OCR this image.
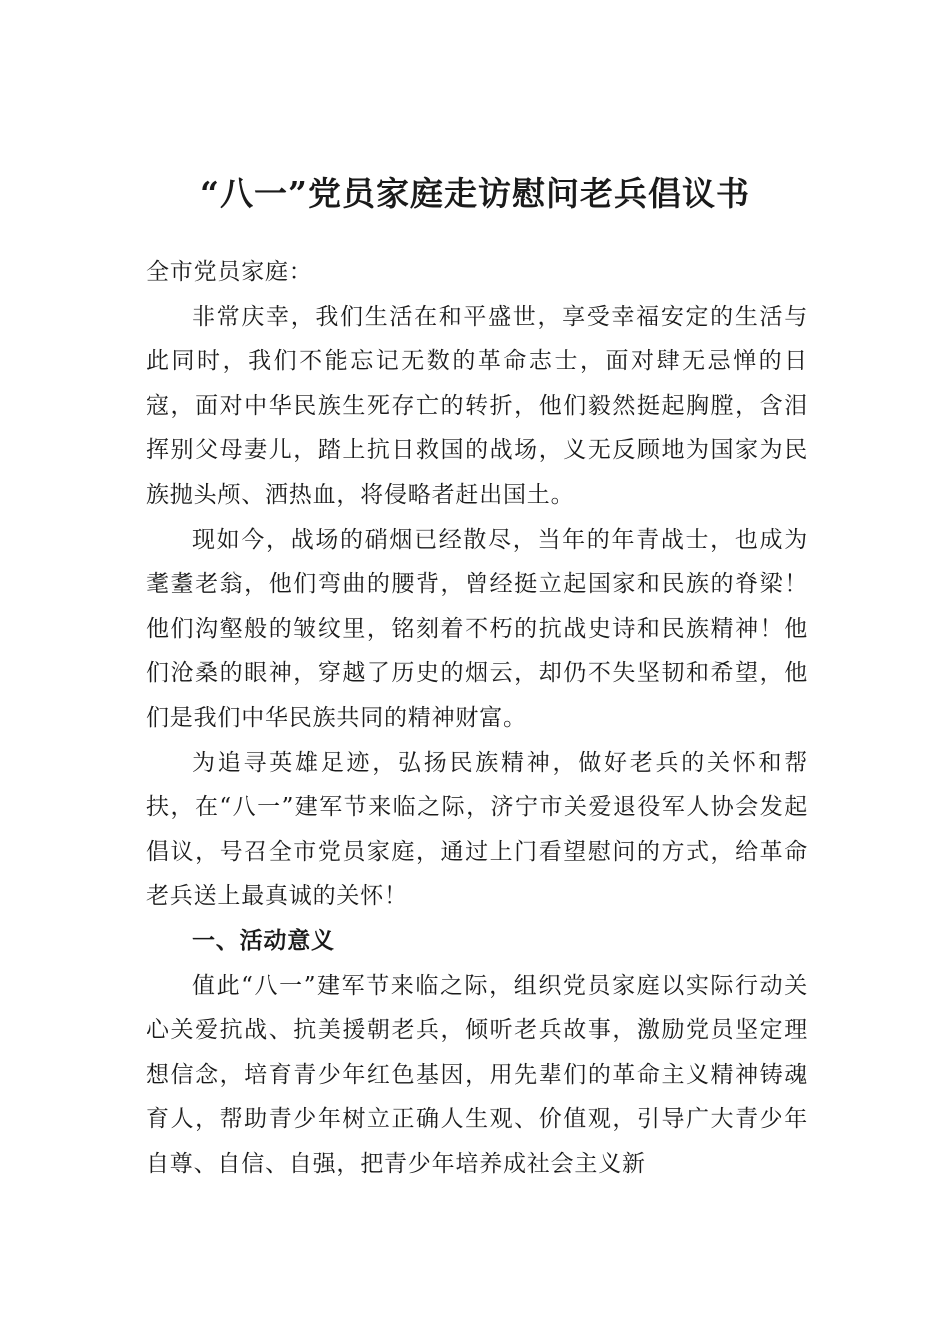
“八一”党员家庭走访慰问老兵倡议书

全市党员家庭：

非常庆幸，我们生活在和平盛世，享受幸福安定的生活与此同时，我们不能忘记无数的革命志士，面对肆无忌惮的日寇，面对中华民族生死存亡的转折，他们毅然挺起胸膛，含泪挥别父母妻儿，踏上抗日救国的战场，义无反顾地为国家为民族抛头颅、洒热血，将侵略者赶出国土。

现如今，战场的硝烟已经散尽，当年的年青战士，也成为耄耋老翁，他们弯曲的腰背，曾经挺立起国家和民族的脊梁！他们沟壑般的皱纹里，铭刻着不朽的抗战史诗和民族精神！他们沧桑的眼神，穿越了历史的烟云，却仍不失坚韧和希望，他们是我们中华民族共同的精神财富。

为追寻英雄足迹，弘扬民族精神，做好老兵的关怀和帮扶，在“八一”建军节来临之际，济宁市关爱退役军人协会发起倡议，号召全市党员家庭，通过上门看望慰问的方式，给革命老兵送上最真诚的关怀！

一、活动意义

值此“八一”建军节来临之际，组织党员家庭以实际行动关心关爱抗战、抗美援朝老兵，倾听老兵故事，激励党员坚定理想信念，培育青少年红色基因，用先辈们的革命主义精神铸魂育人，帮助青少年树立正确人生观、价值观，引导广大青少年自尊、自信、自强，把青少年培养成社会主义新
